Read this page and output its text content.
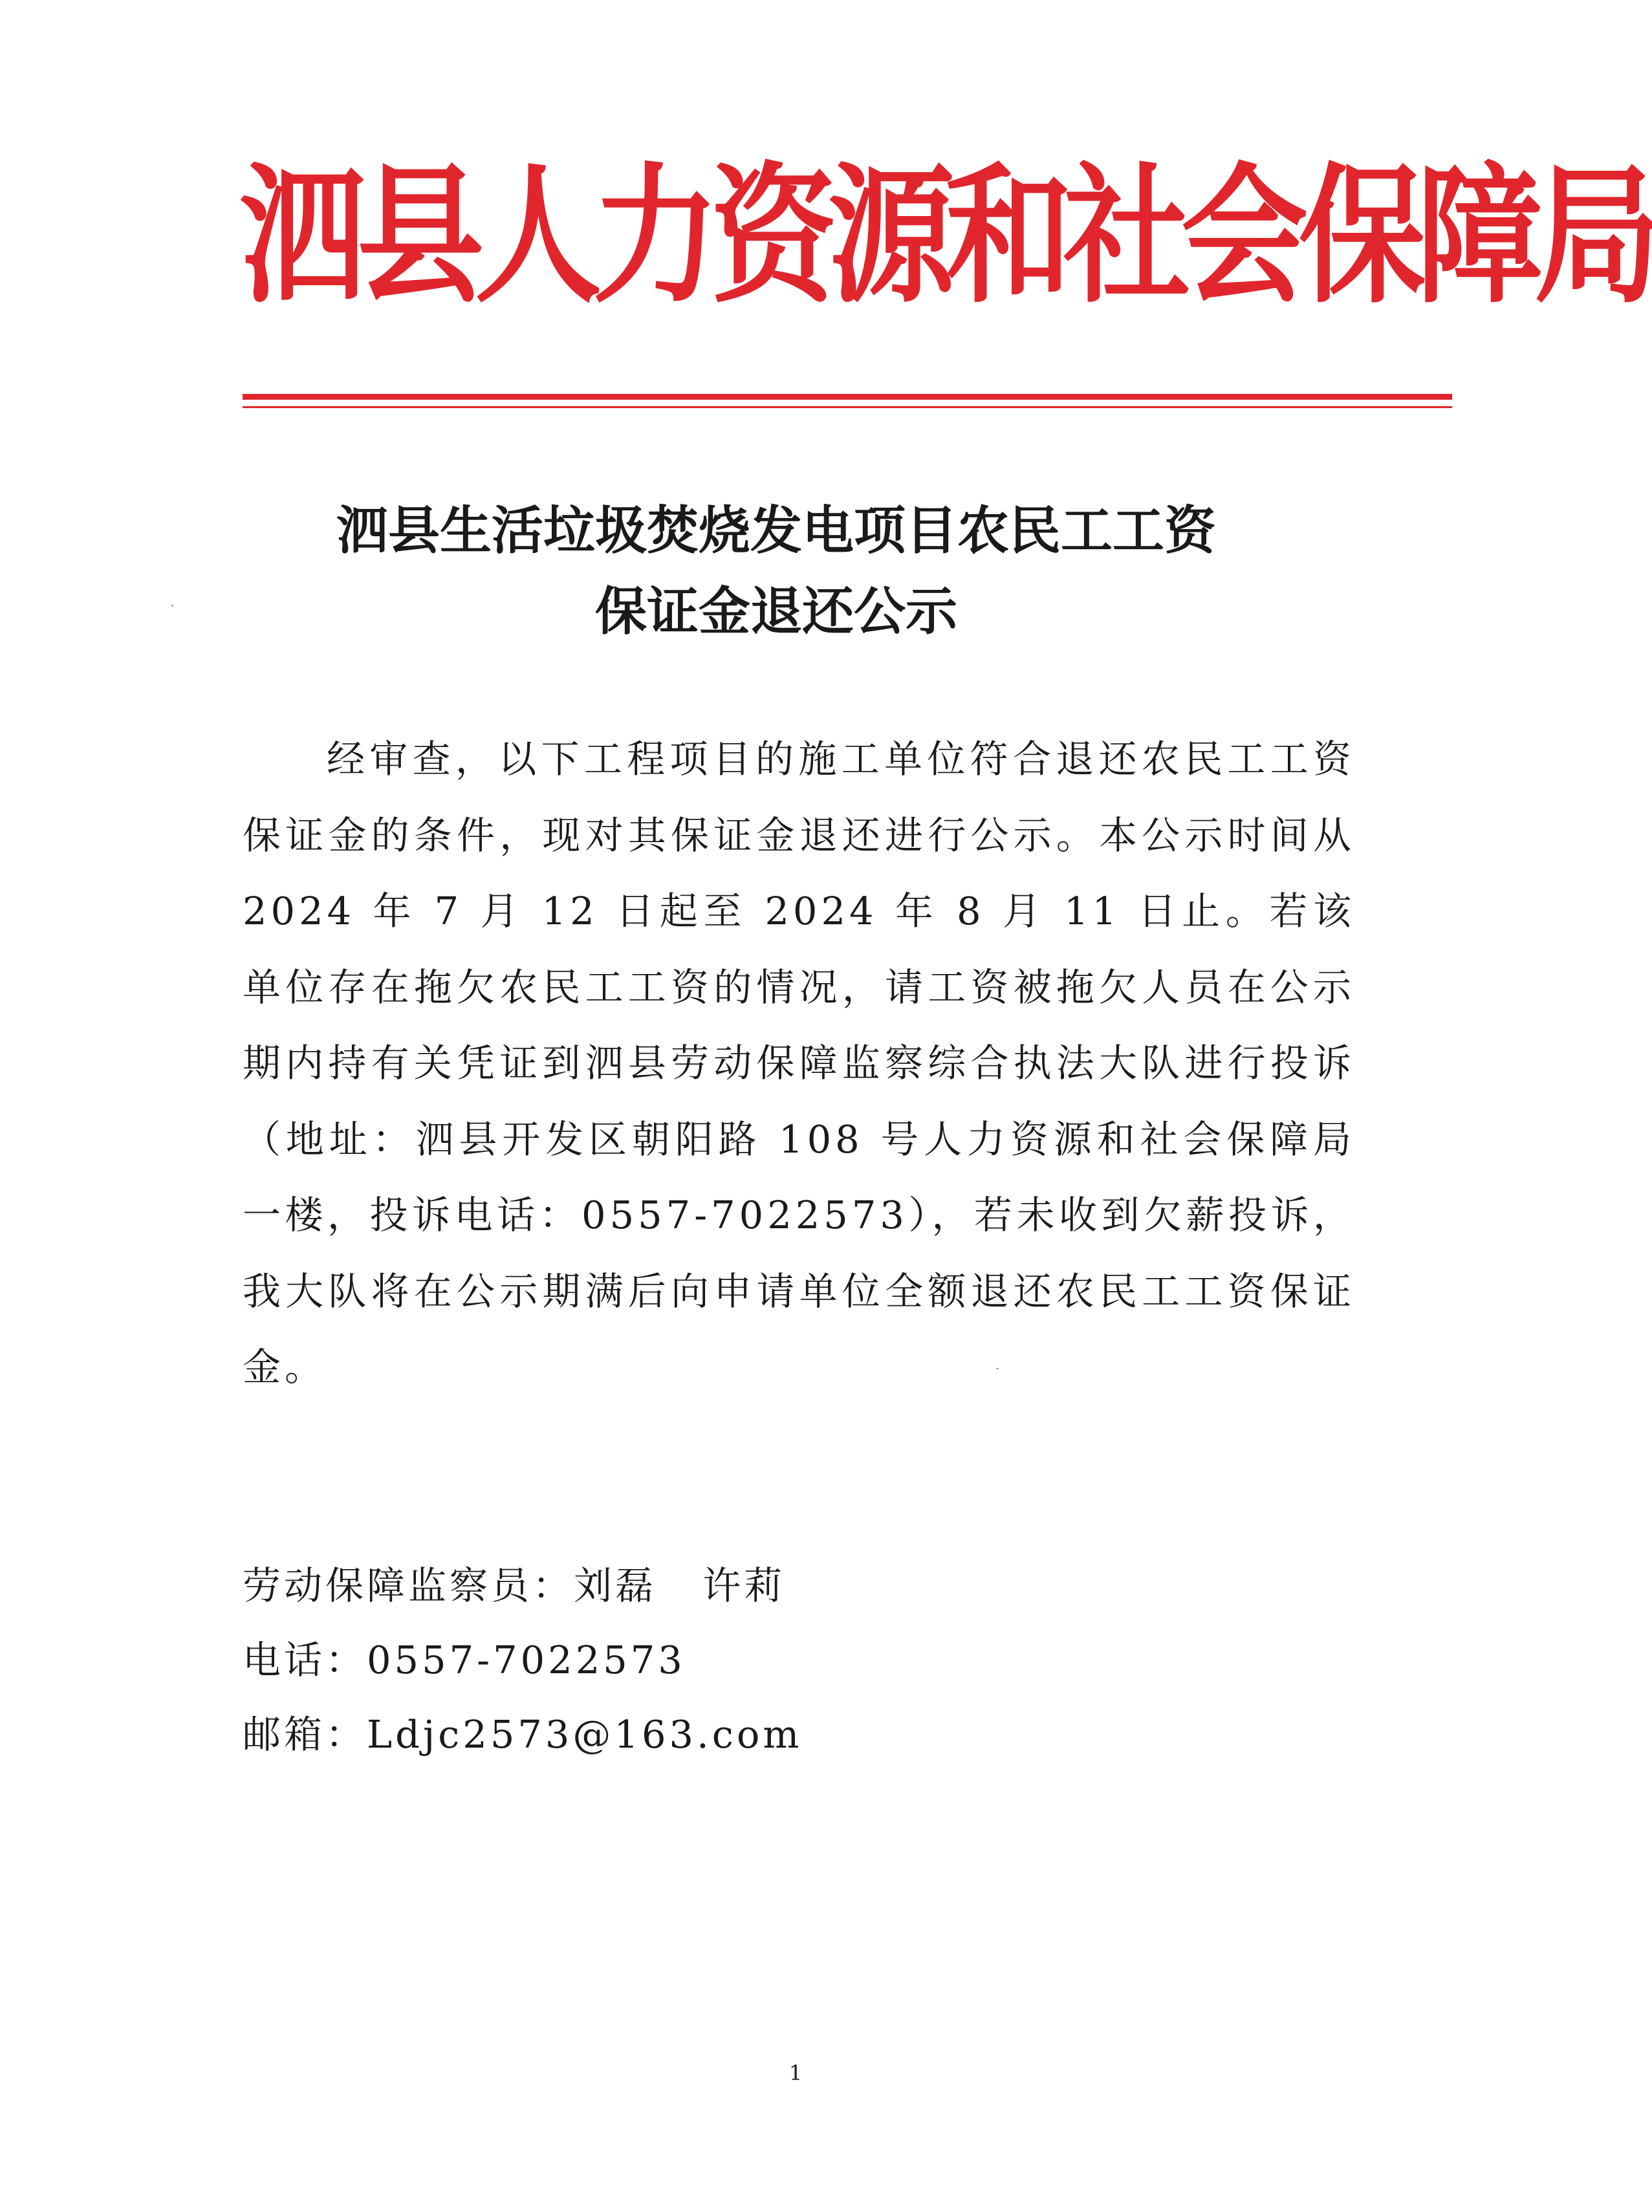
泗县人力资源和社会保障局
泗县生活垃圾焚烧发电项目农民工工资
保证金退还公示
经审查，以下工程项目的施工单位符合退还农民工工资保证金的条件，现对其保证金退还进行公示。本公示时间从2024 年 7 月 12 日起至 2024 年 8 月 11 日止。若该单位存在拖欠农民工工资的情况，请工资被拖欠人员在公示期内持有关凭证到泗县劳动保障监察综合执法大队进行投诉（地址：泗县开发区朝阳路 108 号人力资源和社会保障局一楼，投诉电话：0557-7022573），若未收到欠薪投诉，我大队将在公示期满后向申请单位全额退还农民工工资保证金。
劳动保障监察员：刘磊   许莉
电话：0557-7022573
邮箱：Ldjc2573@163.com
1
